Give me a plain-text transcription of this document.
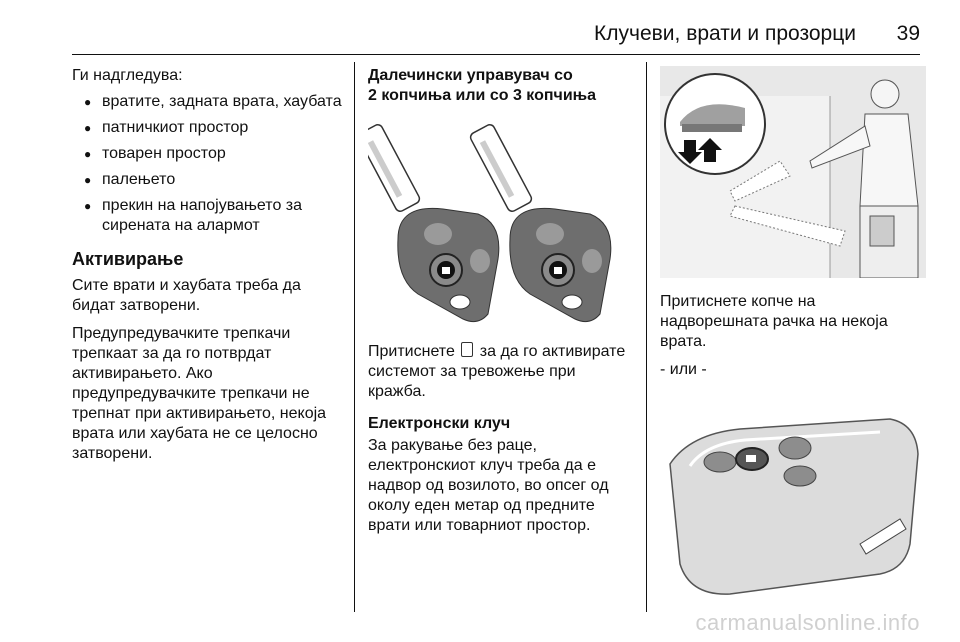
Клучеви, врати и прозорци 39

Ги надгледува:

● вратите, задната врата, хаубата
● патничкиот простор
● товарен простор
● палењето
● прекин на напојувањето за сирената на алармот
Активирање

Сите врати и хаубата треба да бидат затворени.

Предупредувачките трепкачи трепкаат за да го потврдат активирањето. Ако предупредувачките трепкачи не трепнат при активирањето, некоја врата или хаубата не се целосно затворени.

Далечински управувач со
2 копчиња или со 3 копчиња

Притиснете за да го активирате системот за тревожење при кражба.

Електронски клуч

За ракување без раце, електронскиот клуч треба да е надвор од возилото, во опсег од околу еден метар од предните врати или товарниот простор.

Притиснете копче на надворешната рачка на некоја врата.

- или -

carmanualsonline.info
